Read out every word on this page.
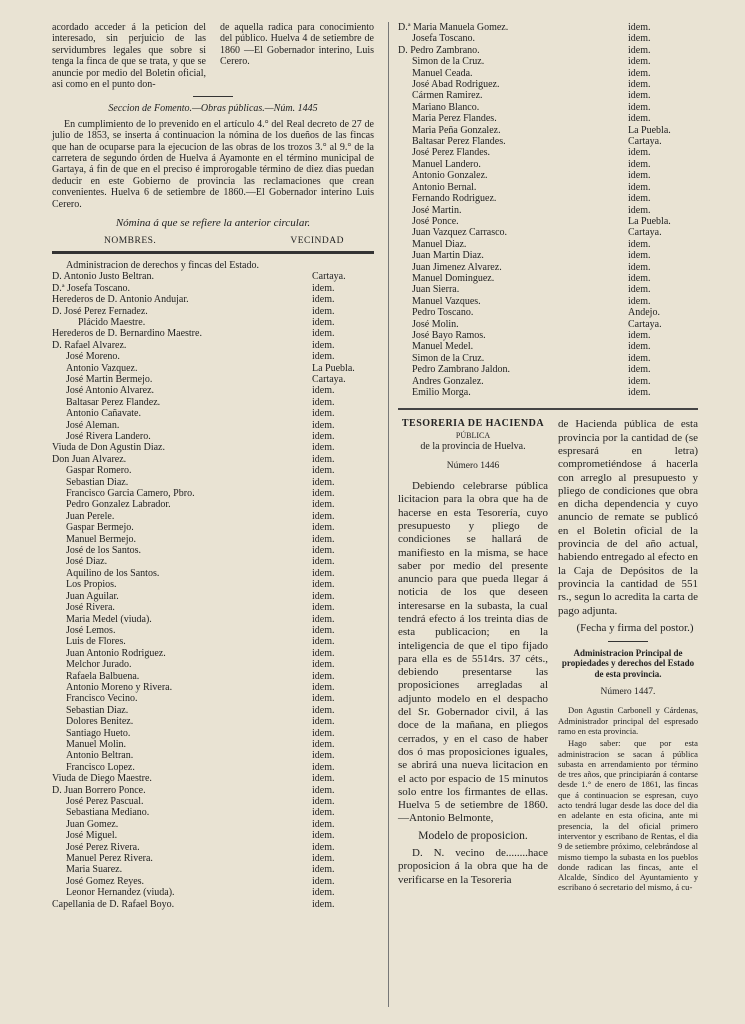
acordado acceder á la peticion del interesado, sin perjuicio de las servidumbres legales que sobre si tenga la finca de que se trata, y que se anuncie por medio del Boletin oficial, asi como en el punto don-
de aquella radica para conocimiento del público. Huelva 4 de setiembre de 1860 —El Gobernador interino, Luis Cerero.
Seccion de Fomento.—Obras públicas.—Núm. 1445
En cumplimiento de lo prevenido en el artículo 4.° del Real decreto de 27 de julio de 1853, se inserta á continuacion la nómina de los dueños de las fincas que han de ocuparse para la ejecucion de las obras de los trozos 3.° al 9.° de la carretera de segundo órden de Huelva á Ayamonte en el término municipal de Gartaya, á fin de que en el preciso é improrogable término de diez dias puedan deducir en este Gobierno de provincia las reclamaciones que crean convenientes. Huelva 6 de setiembre de 1860.—El Gobernador interino Luis Cerero.
Nómina á que se refiere la anterior circular.
NOMBRES.	VECINDAD
Administracion de derechos y fincas del Estado.
D. Antonio Justo Beltran.	Cartaya.
D.ª Josefa Toscano.	idem.
Herederos de D. Antonio Andujar.	idem.
D. José Perez Fernadez.	idem.
Plácido Maestre.	idem.
Herederos de D. Bernardino Maestre.	idem.
D. Rafael Alvarez.	idem.
José Moreno.	idem.
Antonio Vazquez.	La Puebla.
José Martin Bermejo.	Cartaya.
José Antonio Alvarez.	idem.
Baltasar Perez Flandez.	idem.
Antonio Cañavate.	idem.
José Aleman.	idem.
José Rivera Landero.	idem.
Viuda de Don Agustin Diaz.	idem.
Don Juan Alvarez.	idem.
Gaspar Romero.	idem.
Sebastian Diaz.	idem.
Francisco Garcia Camero, Pbro.	idem.
Pedro Gonzalez Labrador.	idem.
Juan Perele.	idem.
Gaspar Bermejo.	idem.
Manuel Bermejo.	idem.
José de los Santos.	idem.
José Diaz.	idem.
Aquilino de los Santos.	idem.
Los Propios.	idem.
Juan Aguilar.	idem.
José Rivera.	idem.
Maria Medel (viuda).	idem.
José Lemos.	idem.
Luis de Flores.	idem.
Juan Antonio Rodriguez.	idem.
Melchor Jurado.	idem.
Rafaela Balbuena.	idem.
Antonio Moreno y Rivera.	idem.
Francisco Vecino.	idem.
Sebastian Diaz.	idem.
Dolores Benitez.	idem.
Santiago Hueto.	idem.
Manuel Molin.	idem.
Antonio Beltran.	idem.
Francisco Lopez.	idem.
Viuda de Diego Maestre.	idem.
D. Juan Borrero Ponce.	idem.
José Perez Pascual.	idem.
Sebastiana Mediano.	idem.
Juan Gomez.	idem.
José Miguel.	idem.
José Perez Rivera.	idem.
Manuel Perez Rivera.	idem.
Maria Suarez.	idem.
José Gomez Reyes.	idem.
Leonor Hernandez (viuda).	idem.
Capellania de D. Rafael Boyo.	idem.
D.ª Maria Manuela Gomez.	idem.
Josefa Toscano.	idem.
D. Pedro Zambrano.	idem.
Simon de la Cruz.	idem.
Manuel Ceada.	idem.
José Abad Rodriguez.	idem.
Cármen Ramirez.	idem.
Mariano Blanco.	idem.
Maria Perez Flandes.	idem.
Maria Peña Gonzalez.	La Puebla.
Baltasar Perez Flandes.	Cartaya.
José Perez Flandes.	idem.
Manuel Landero.	idem.
Antonio Gonzalez.	idem.
Antonio Bernal.	idem.
Fernando Rodriguez.	idem.
José Martin.	idem.
José Ponce.	La Puebla.
Juan Vazquez Carrasco.	Cartaya.
Manuel Diaz.	idem.
Juan Martin Diaz.	idem.
Juan Jimenez Alvarez.	idem.
Manuel Dominguez.	idem.
Juan Sierra.	idem.
Manuel Vazques.	idem.
Pedro Toscano.	Andejo.
José Molin.	Cartaya.
José Bayo Ramos.	idem.
Manuel Medel.	idem.
Simon de la Cruz.	idem.
Pedro Zambrano Jaldon.	idem.
Andres Gonzalez.	idem.
Emilio Morga.	idem.
TESORERIA DE HACIENDA
PÚBLICA
de la provincia de Huelva.
Número 1446

Debiendo celebrarse pública licitacion para la obra que ha de hacerse en esta Tesorería, cuyo presupuesto y pliego de condiciones se hallará de manifiesto en la misma, se hace saber por medio del presente anuncio para que pueda llegar á noticia de los que deseen interesarse en la subasta, la cual tendrá efecto á los treinta dias de esta publicacion; en la inteligencia de que el tipo fijado para ella es de 5514rs. 37 céts., debiendo presentarse las proposiciones arregladas al adjunto modelo en el despacho del Sr. Gobernador civil, á las doce de la mañana, en pliegos cerrados, y en el caso de haber dos ó mas proposiciones iguales, se abrirá una nueva licitacion en el acto por espacio de 15 minutos solo entre los firmantes de ellas. Huelva 5 de setiembre de 1860.—Antonio Belmonte,

Modelo de proposicion.

D. N. vecino de........hace proposicion á la obra que ha de verificarse en la Tesoreria

de Hacienda pública de esta provincia por la cantidad de (se espresará en letra) comprometiéndose á hacerla con arreglo al presupuesto y pliego de condiciones que obra en dicha dependencia y cuyo anuncio de remate se publicó en el Boletin oficial de la provincia de del año actual, habiendo entregado al efecto en la Caja de Depósitos de la provincia la cantidad de 551 rs., segun lo acredita la carta de pago adjunta.

(Fecha y firma del postor.)

Administracion Principal de propiedades y derechos del Estado de esta provincia.
Número 1447.

Don Agustin Carbonell y Cárdenas, Administrador principal del espresado ramo en esta provincia.

Hago saber: que por esta administracion se sacan á pública subasta en arrendamiento por término de tres años, que principiarán á contarse desde 1.° de enero de 1861, las fincas que á continuacion se espresan, cuyo acto tendrá lugar desde las doce del dia en adelante en esta oficina, ante mi presencia, la del oficial primero interventor y escribano de Rentas, el dia 9 de setiembre próximo, celebrándose al mismo tiempo la subasta en los pueblos donde radican las fincas, ante el Alcalde, Síndico del Ayuntamiento y escribano ó secretario del mismo, á cu-
